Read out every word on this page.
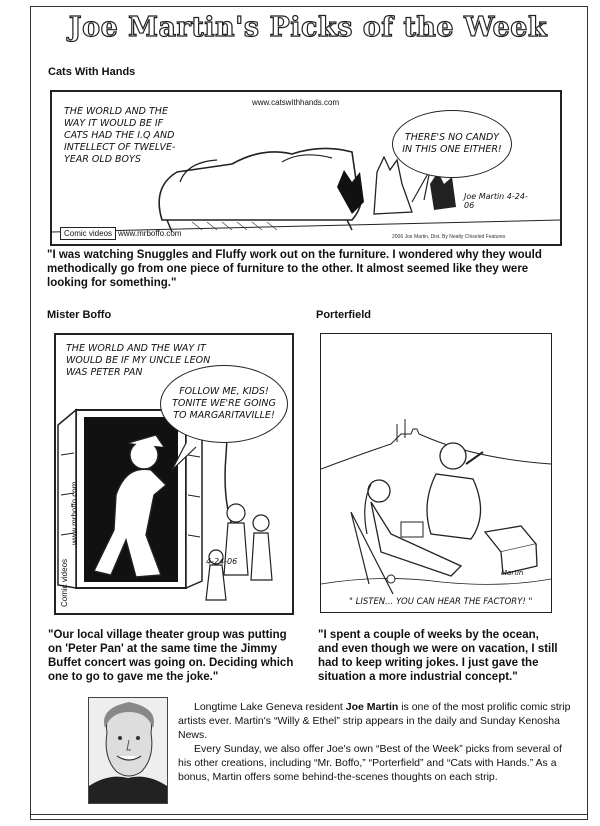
Joe Martin's Picks of the Week
Cats With Hands
THE WORLD AND THE WAY IT WOULD BE IF CATS HAD THE I.Q AND INTELLECT OF TWELVE-YEAR OLD BOYS
www.catswithhands.com
THERE'S NO CANDY IN THIS ONE EITHER!
Joe Martin 4-24-06
Comic videos www.mrboffo.com	2006 Joe Martin, Dist. By Neatly Chiseled Features
"I was watching Snuggles and Fluffy work out on the furniture. I wondered why they would methodically go from one piece of furniture to the other. It almost seemed like they were looking for something."
Mister Boffo
THE WORLD AND THE WAY IT WOULD BE IF MY UNCLE LEON WAS PETER PAN
FOLLOW ME, KIDS! TONITE WE'RE GOING TO MARGARITAVILLE!
4-24-06
Comic videos
www.mrboffo.com
"Our local village theater group was putting on 'Peter Pan' at the same time the Jimmy Buffet concert was going on. Deciding which one to go to gave me the joke."
Porterfield
Martin
" LISTEN... YOU CAN HEAR THE FACTORY! "
"I spent a couple of weeks by the ocean, and even though we were on vacation, I still had to keep writing jokes. I just gave the situation a more industrial concept."

Longtime Lake Geneva resident Joe Martin is one of the most prolific comic strip artists ever. Martin's “Willy & Ethel” strip appears in the daily and Sunday Kenosha News.

Every Sunday, we also offer Joe's own “Best of the Week” picks from several of his other creations, including “Mr. Boffo,” “Porterfield” and “Cats with Hands.” As a bonus, Martin offers some behind-the-scenes thoughts on each strip.
